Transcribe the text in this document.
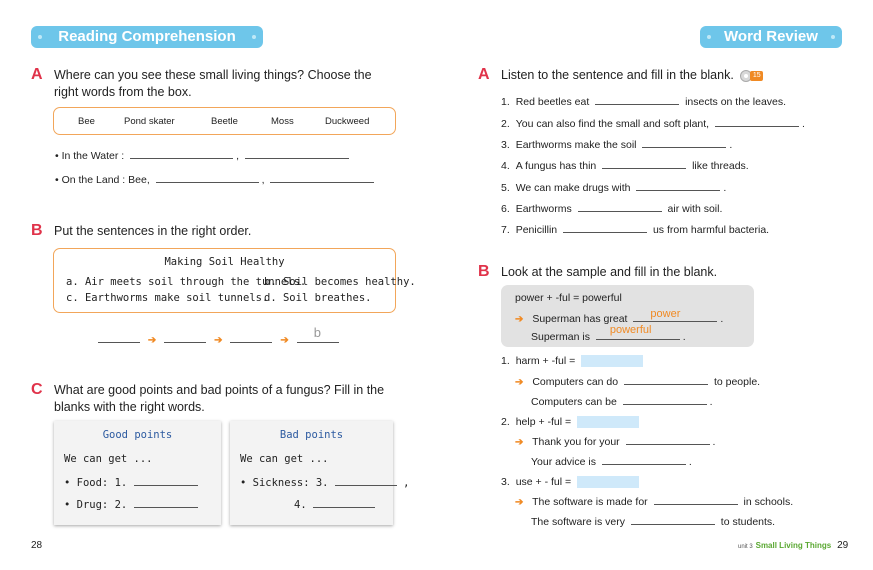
Reading Comprehension
A Where can you see these small living things? Choose the
right words from the box.
Bee	Pond skater	Beetle	Moss	Duckweed
• In the Water :	,
• On the Land : Bee,	,
B Put the sentences in the right order.
Making Soil Healthy
a. Air meets soil through the tunnels.
b. Soil becomes healthy.
c. Earthworms make soil tunnels.
d. Soil breathes.
➔	➔	➔
b
C What are good points and bad points of a fungus? Fill in the
blanks with the right words.
Good points
We can get ...
• Food: 1.
• Drug: 2.
Bad points
We can get ...
• Sickness: 3.	,
4.
28
Word Review
A Listen to the sentence and fill in the blank.	15
1. Red beetles eat	insects on the leaves.
2. You can also find the small and soft plant,	.
3. Earthworms make the soil	.
4. A fungus has thin	like threads.
5. We can make drugs with	.
6. Earthworms	air with soil.
7. Penicillin	us from harmful bacteria.
B Look at the sample and fill in the blank.
power + -ful = powerful
➔ Superman has great power	.
Superman is
powerful
.
1. harm + -ful =
➔ Computers can do	to people.
Computers can be	.
2. help + -ful =
➔ Thank you for your	.
Your advice is	.
3. use + - ful =
➔ The software is made for	in schools.
The software is very	to students.
unit 3 Small Living Things 29
